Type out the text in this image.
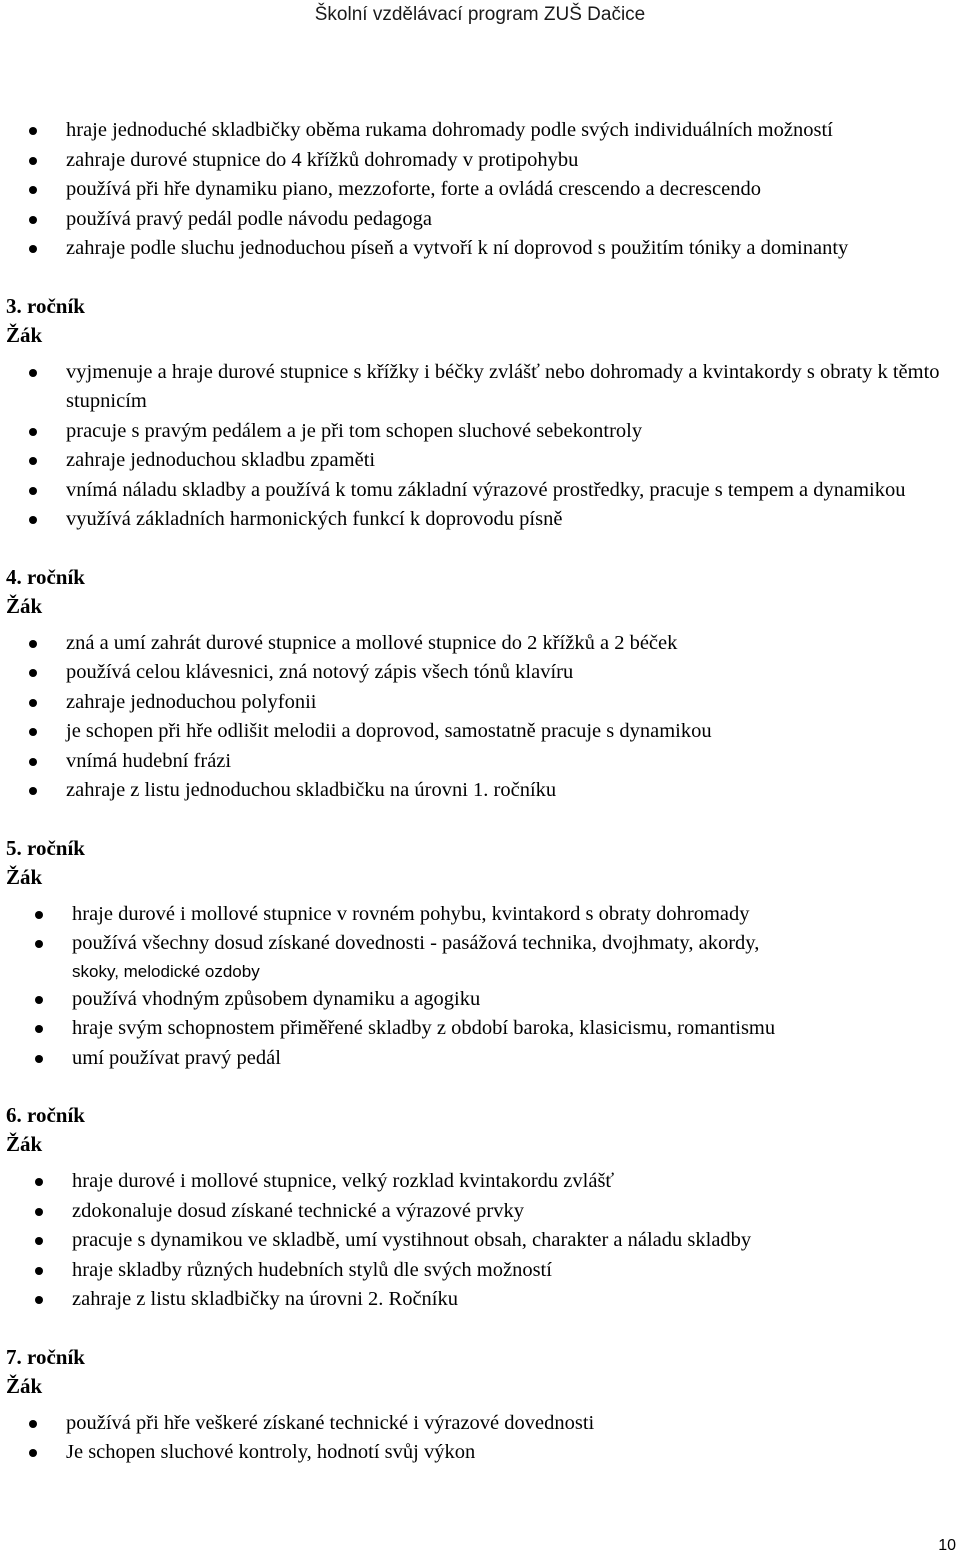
Školní vzdělávací program ZUŠ Dačice
hraje jednoduché skladbičky oběma rukama dohromady podle svých individuálních možností
zahraje durové stupnice do 4 křížků dohromady v protipohybu
používá při hře dynamiku piano, mezzoforte, forte a ovládá crescendo a decrescendo
používá pravý pedál podle návodu pedagoga
zahraje podle sluchu jednoduchou píseň a vytvoří k ní doprovod s použitím tóniky a dominanty
3. ročník
Žák
vyjmenuje a hraje durové stupnice s křížky i béčky zvlášť nebo dohromady a kvintakordy s obraty k těmto stupnicím
pracuje s pravým pedálem a je při tom schopen sluchové sebekontroly
zahraje jednoduchou skladbu zpaměti
vnímá náladu skladby a používá k tomu základní výrazové prostředky, pracuje s tempem a dynamikou
využívá základních harmonických funkcí k doprovodu písně
4. ročník
Žák
zná a umí zahrát durové stupnice a mollové stupnice do 2 křížků a 2 béček
používá celou klávesnici, zná notový zápis všech tónů klavíru
zahraje jednoduchou polyfonii
je schopen při hře odlišit melodii a doprovod, samostatně pracuje s dynamikou
vnímá hudební frázi
zahraje z listu jednoduchou skladbičku na úrovni 1. ročníku
5. ročník
Žák
hraje durové i mollové stupnice v rovném pohybu, kvintakord s obraty dohromady
používá všechny dosud získané dovednosti - pasážová technika, dvojhmaty, akordy,
skoky, melodické ozdoby
používá vhodným způsobem dynamiku a agogiku
hraje svým schopnostem přiměřené skladby z období baroka, klasicismu, romantismu
umí používat pravý pedál
6. ročník
Žák
hraje durové i mollové stupnice, velký rozklad kvintakordu zvlášť
zdokonaluje dosud získané technické a výrazové prvky
pracuje s dynamikou ve skladbě, umí vystihnout obsah, charakter a náladu skladby
hraje skladby různých hudebních stylů dle svých možností
zahraje z listu skladbičky na úrovni 2. Ročníku
7. ročník
Žák
používá při hře veškeré získané technické i výrazové dovednosti
Je schopen sluchové kontroly, hodnotí svůj výkon
10
